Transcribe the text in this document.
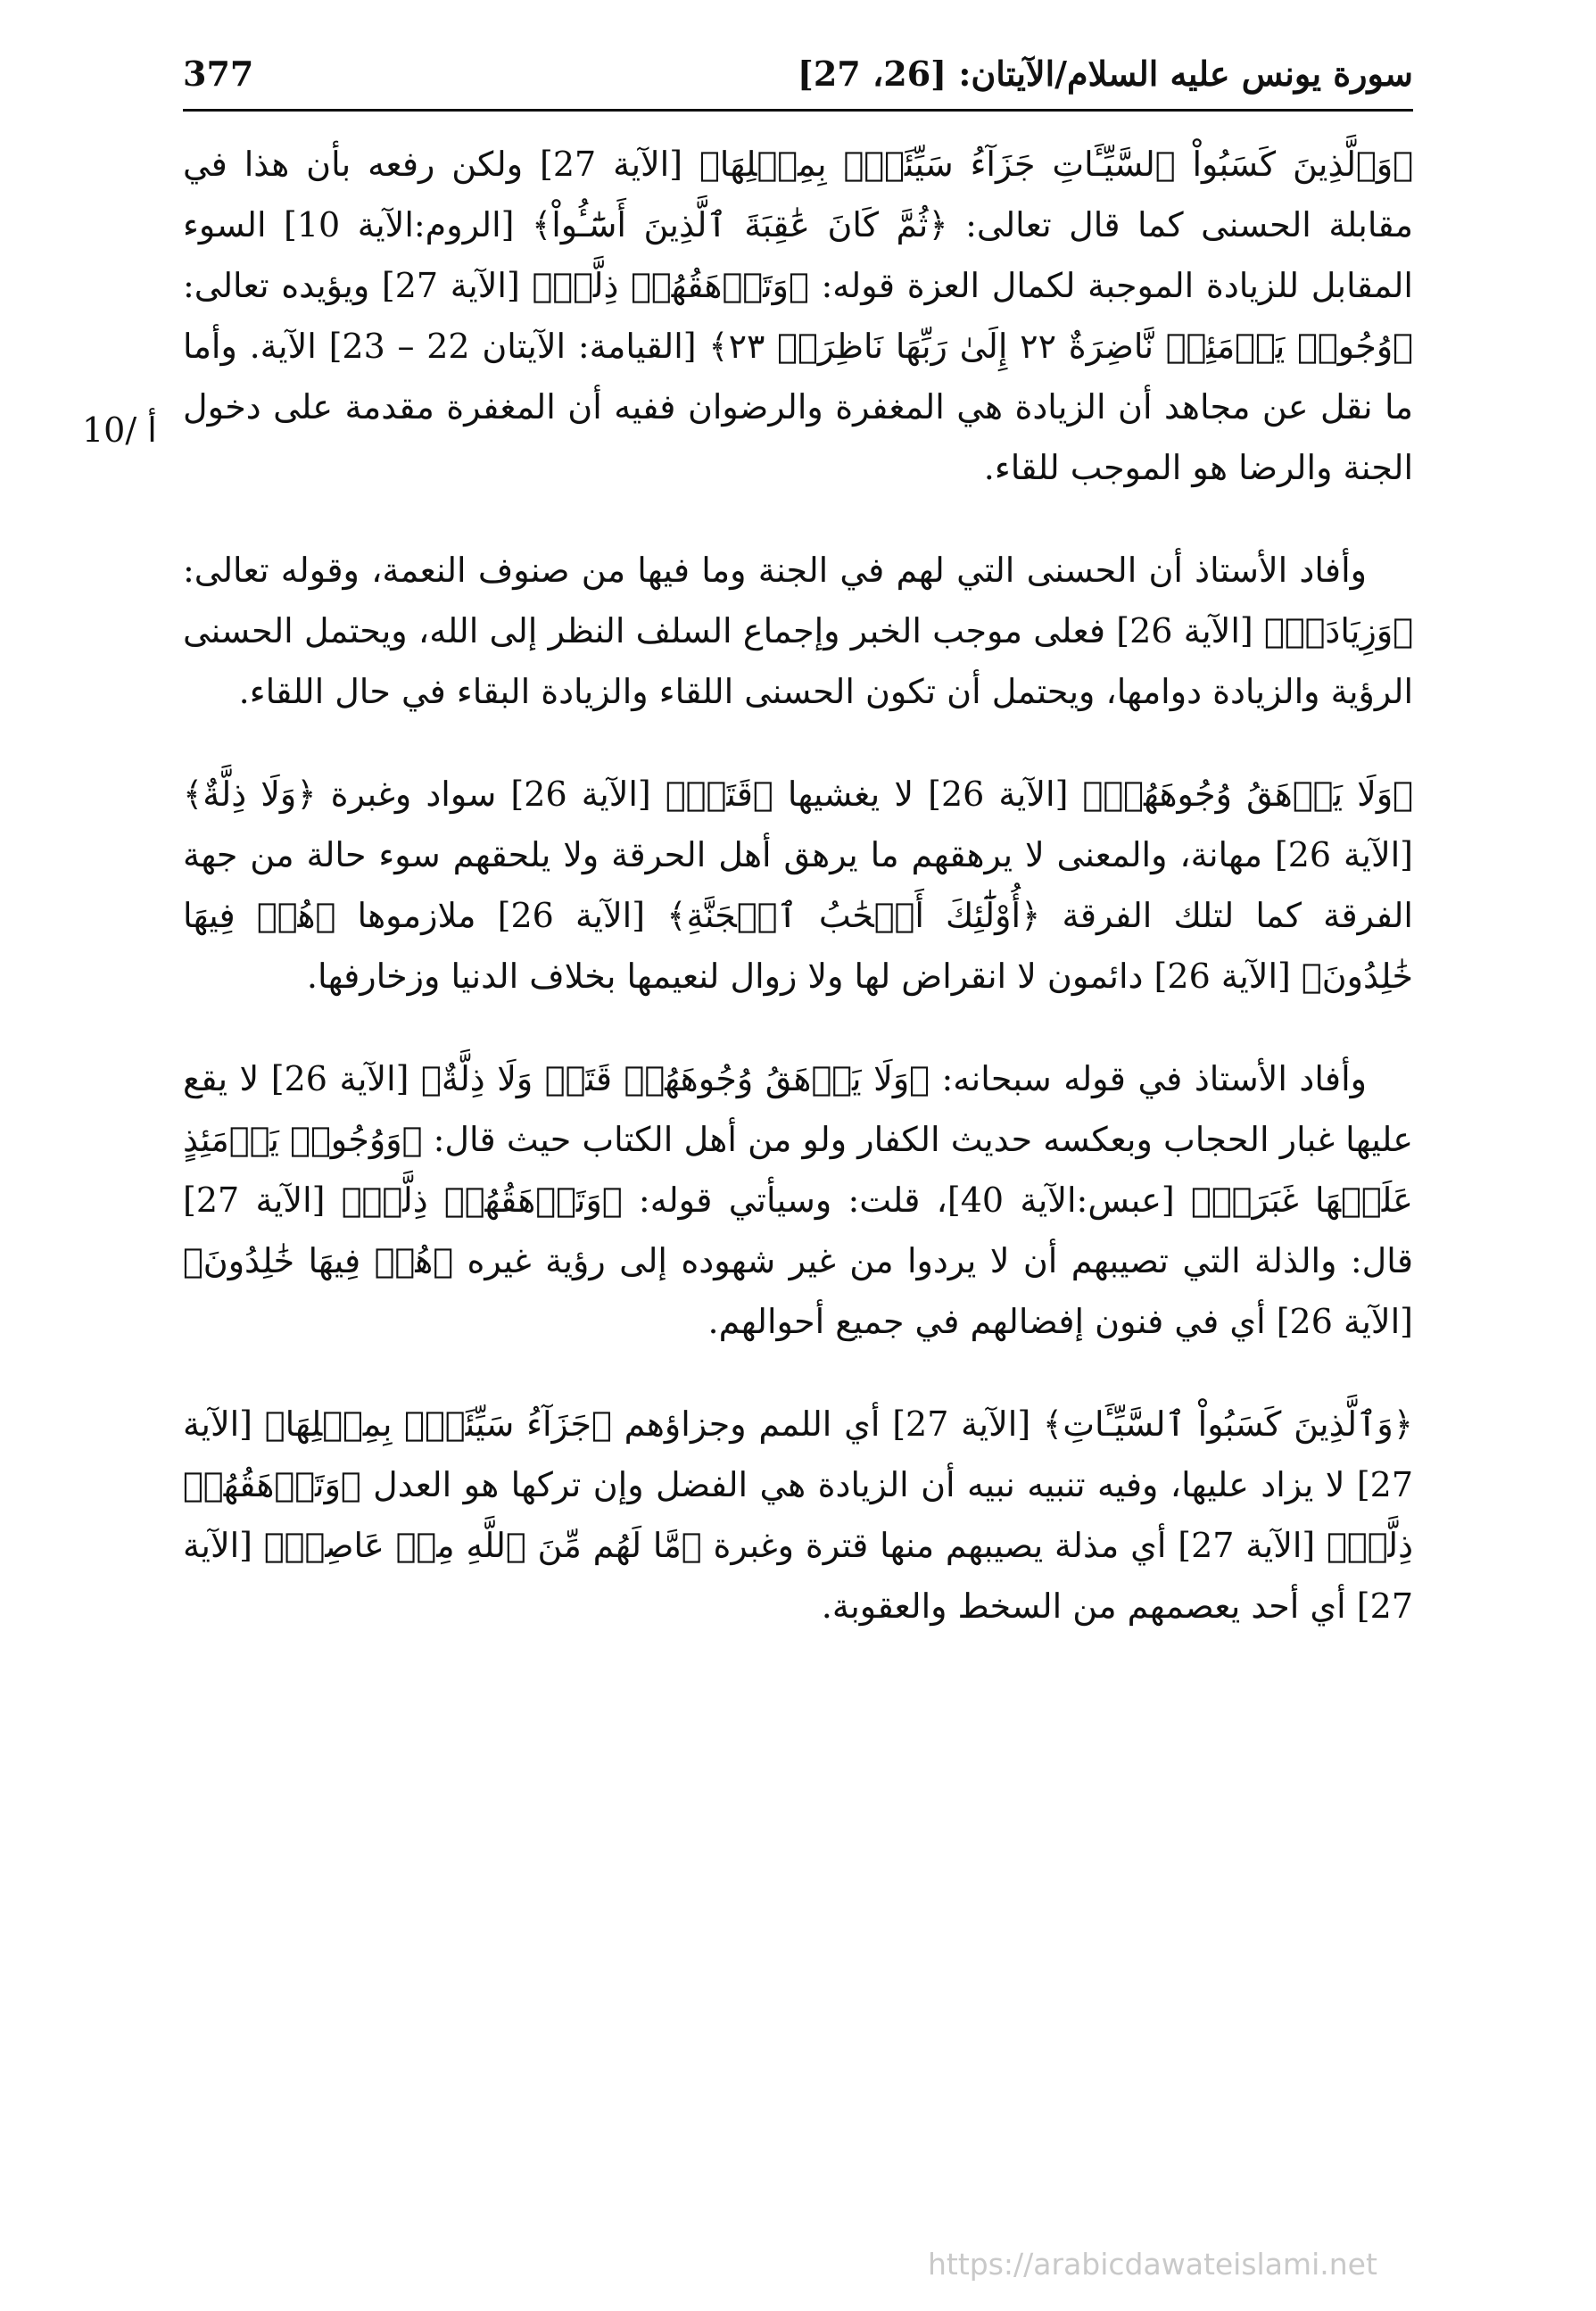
سورة يونس عليه السلام/الآيتان: [26، 27]
377
10/ أ

﴿وَٱلَّذِينَ كَسَبُواْ ٱلسَّيِّـَٔاتِ جَزَآءُ سَيِّئَةِۭ بِمِثۡلِهَا﴾ [الآية 27] ولكن رفعه بأن هذا في مقابلة الحسنى كما قال تعالى: ﴿ثُمَّ كَانَ عَٰقِبَةَ ٱلَّذِينَ أَسَٰٓـُٔواْ﴾ [الروم:الآية 10] السوء المقابل للزيادة الموجبة لكمال العزة قوله: ﴿وَتَرۡهَقُهُمۡ ذِلَّةٞ﴾ [الآية 27] ويؤيده تعالى: ﴿وُجُوهٞ يَوۡمَئِذٖ نَّاضِرَةٌ ٢٢ إِلَىٰ رَبِّهَا نَاظِرَةٞ ٢٣﴾ [القيامة: الآيتان 22 – 23] الآية. وأما ما نقل عن مجاهد أن الزيادة هي المغفرة والرضوان ففيه أن المغفرة مقدمة على دخول الجنة والرضا هو الموجب للقاء.

وأفاد الأستاذ أن الحسنى التي لهم في الجنة وما فيها من صنوف النعمة، وقوله تعالى: ﴿وَزِيَادَةٞ﴾ [الآية 26] فعلى موجب الخبر وإجماع السلف النظر إلى الله، ويحتمل الحسنى الرؤية والزيادة دوامها، ويحتمل أن تكون الحسنى اللقاء والزيادة البقاء في حال اللقاء.

﴿وَلَا يَرۡهَقُ وُجُوهَهُمۡ﴾ [الآية 26] لا يغشيها ﴿قَتَرٞ﴾ [الآية 26] سواد وغبرة ﴿وَلَا ذِلَّةٌ﴾ [الآية 26] مهانة، والمعنى لا يرهقهم ما يرهق أهل الحرقة ولا يلحقهم سوء حالة من جهة الفرقة كما لتلك الفرقة ﴿أُوْلَٰٓئِكَ أَصۡحَٰبُ ٱلۡجَنَّةِ﴾ [الآية 26] ملازموها ﴿هُمۡ فِيهَا خَٰلِدُونَ﴾ [الآية 26] دائمون لا انقراض لها ولا زوال لنعيمها بخلاف الدنيا وزخارفها.

وأفاد الأستاذ في قوله سبحانه: ﴿وَلَا يَرۡهَقُ وُجُوهَهُمۡ قَتَرٞ وَلَا ذِلَّةٌ﴾ [الآية 26] لا يقع عليها غبار الحجاب وبعكسه حديث الكفار ولو من أهل الكتاب حيث قال: ﴿وَوُجُوهٞ يَوۡمَئِذٍ عَلَيۡهَا غَبَرَةٞ﴾ [عبس:الآية 40]، قلت: وسيأتي قوله: ﴿وَتَرۡهَقُهُمۡ ذِلَّةٞ﴾ [الآية 27] قال: والذلة التي تصيبهم أن لا يردوا من غير شهوده إلى رؤية غيره ﴿هُمۡ فِيهَا خَٰلِدُونَ﴾ [الآية 26] أي في فنون إفضالهم في جميع أحوالهم.

﴿وَٱلَّذِينَ كَسَبُواْ ٱلسَّيِّـَٔاتِ﴾ [الآية 27] أي اللمم وجزاؤهم ﴿جَزَآءُ سَيِّئَةِۭ بِمِثۡلِهَا﴾ [الآية 27] لا يزاد عليها، وفيه تنبيه نبيه أن الزيادة هي الفضل وإن تركها هو العدل ﴿وَتَرۡهَقُهُمۡ ذِلَّةٞ﴾ [الآية 27] أي مذلة يصيبهم منها قترة وغبرة ﴿مَّا لَهُم مِّنَ ٱللَّهِ مِنۡ عَاصِمٖ﴾ [الآية 27] أي أحد يعصمهم من السخط والعقوبة.

https://arabicdawateislami.net
